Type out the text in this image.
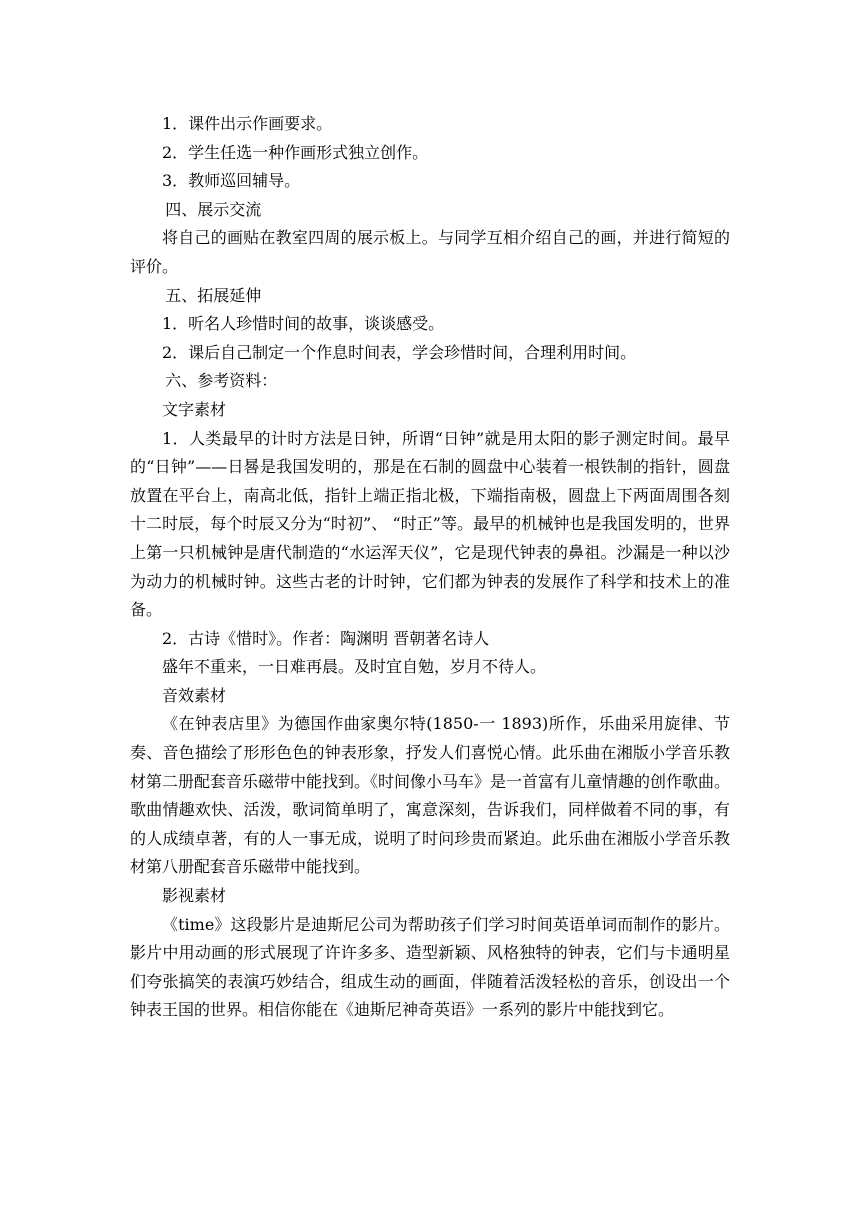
1．课件出示作画要求。

2．学生任选一种作画形式独立创作。

3．教师巡回辅导。

四、展示交流

将自己的画贴在教室四周的展示板上。与同学互相介绍自己的画，并进行简短的评价。

五、拓展延伸

1．听名人珍惜时间的故事，谈谈感受。

2．课后自己制定一个作息时间表，学会珍惜时间，合理利用时间。

六、参考资料：

文字素材

1．人类最早的计时方法是日钟，所谓“日钟”就是用太阳的影子测定时间。最早的“日钟”——日晷是我国发明的，那是在石制的圆盘中心装着一根铁制的指针，圆盘放置在平台上，南高北低，指针上端正指北极，下端指南极，圆盘上下两面周围各刻十二时辰，每个时辰又分为“时初”、 “时正”等。最早的机械钟也是我国发明的，世界上第一只机械钟是唐代制造的“水运浑天仪”，它是现代钟表的鼻祖。沙漏是一种以沙为动力的机械时钟。这些古老的计时钟，它们都为钟表的发展作了科学和技术上的准备。

2．古诗《惜时》。作者：陶渊明 晋朝著名诗人

盛年不重来，一日难再晨。及时宜自勉，岁月不待人。

音效素材

《在钟表店里》为德国作曲家奥尔特(1850-一 1893)所作，乐曲采用旋律、节奏、音色描绘了形形色色的钟表形象，抒发人们喜悦心情。此乐曲在湘版小学音乐教材第二册配套音乐磁带中能找到。《时间像小马车》是一首富有儿童情趣的创作歌曲。歌曲情趣欢快、活泼，歌词简单明了，寓意深刻，告诉我们，同样做着不同的事，有的人成绩卓著，有的人一事无成，说明了时问珍贵而紧迫。此乐曲在湘版小学音乐教材第八册配套音乐磁带中能找到。

影视素材

《time》这段影片是迪斯尼公司为帮助孩子们学习时间英语单词而制作的影片。影片中用动画的形式展现了许许多多、造型新颖、风格独特的钟表，它们与卡通明星们夸张搞笑的表演巧妙结合，组成生动的画面，伴随着活泼轻松的音乐，创设出一个钟表王国的世界。相信你能在《迪斯尼神奇英语》一系列的影片中能找到它。
